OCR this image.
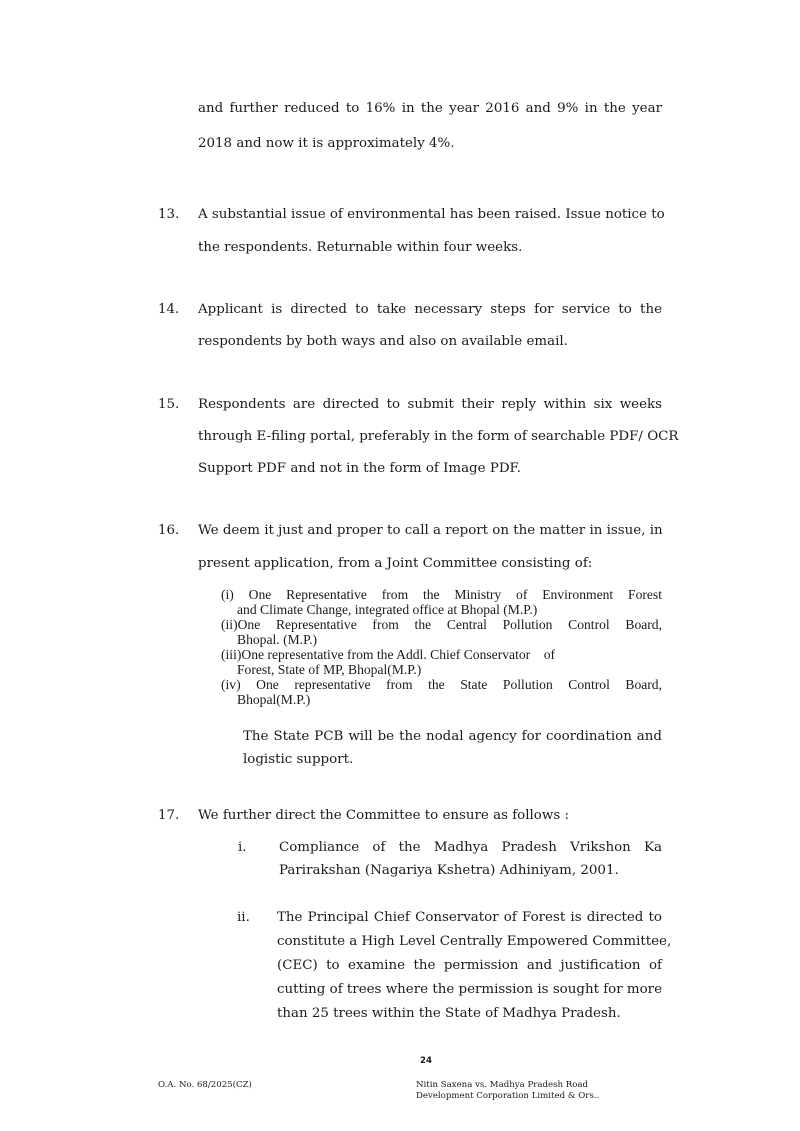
and further reduced to 16% in the year 2016 and 9% in the year
2018 and now it is approximately 4%.
13. A substantial issue of environmental has been raised. Issue notice to
the respondents. Returnable within four weeks.
14. Applicant is directed to take necessary steps for service to the
respondents by both ways and also on available email.
15. Respondents are directed to submit their reply within six weeks
through E-filing portal, preferably in the form of searchable PDF/ OCR
Support PDF and not in the form of Image PDF.
16. We deem it just and proper to call a report on the matter in issue, in
present application, from a Joint Committee consisting of:
(i) One Representative from the Ministry of Environment Forest
and Climate Change, integrated office at Bhopal (M.P.)
(ii)One Representative from the Central Pollution Control Board,
Bhopal. (M.P.)
(iii)One representative from the Addl. Chief Conservator    of
Forest, State of MP, Bhopal(M.P.)
(iv) One representative from the State Pollution Control Board,
Bhopal(M.P.)
The State PCB will be the nodal agency for coordination and
logistic support.
17. We further direct the Committee to ensure as follows :
i. Compliance of the Madhya Pradesh Vrikshon Ka
Parirakshan (Nagariya Kshetra) Adhiniyam, 2001.
ii. The Principal Chief Conservator of Forest is directed to
constitute a High Level Centrally Empowered Committee,
(CEC) to examine the permission and justification of
cutting of trees where the permission is sought for more
than 25 trees within the State of Madhya Pradesh.
24
O.A. No. 68/2025(CZ)	Nitin Saxena vs. Madhya Pradesh Road
Development Corporation Limited & Ors..
